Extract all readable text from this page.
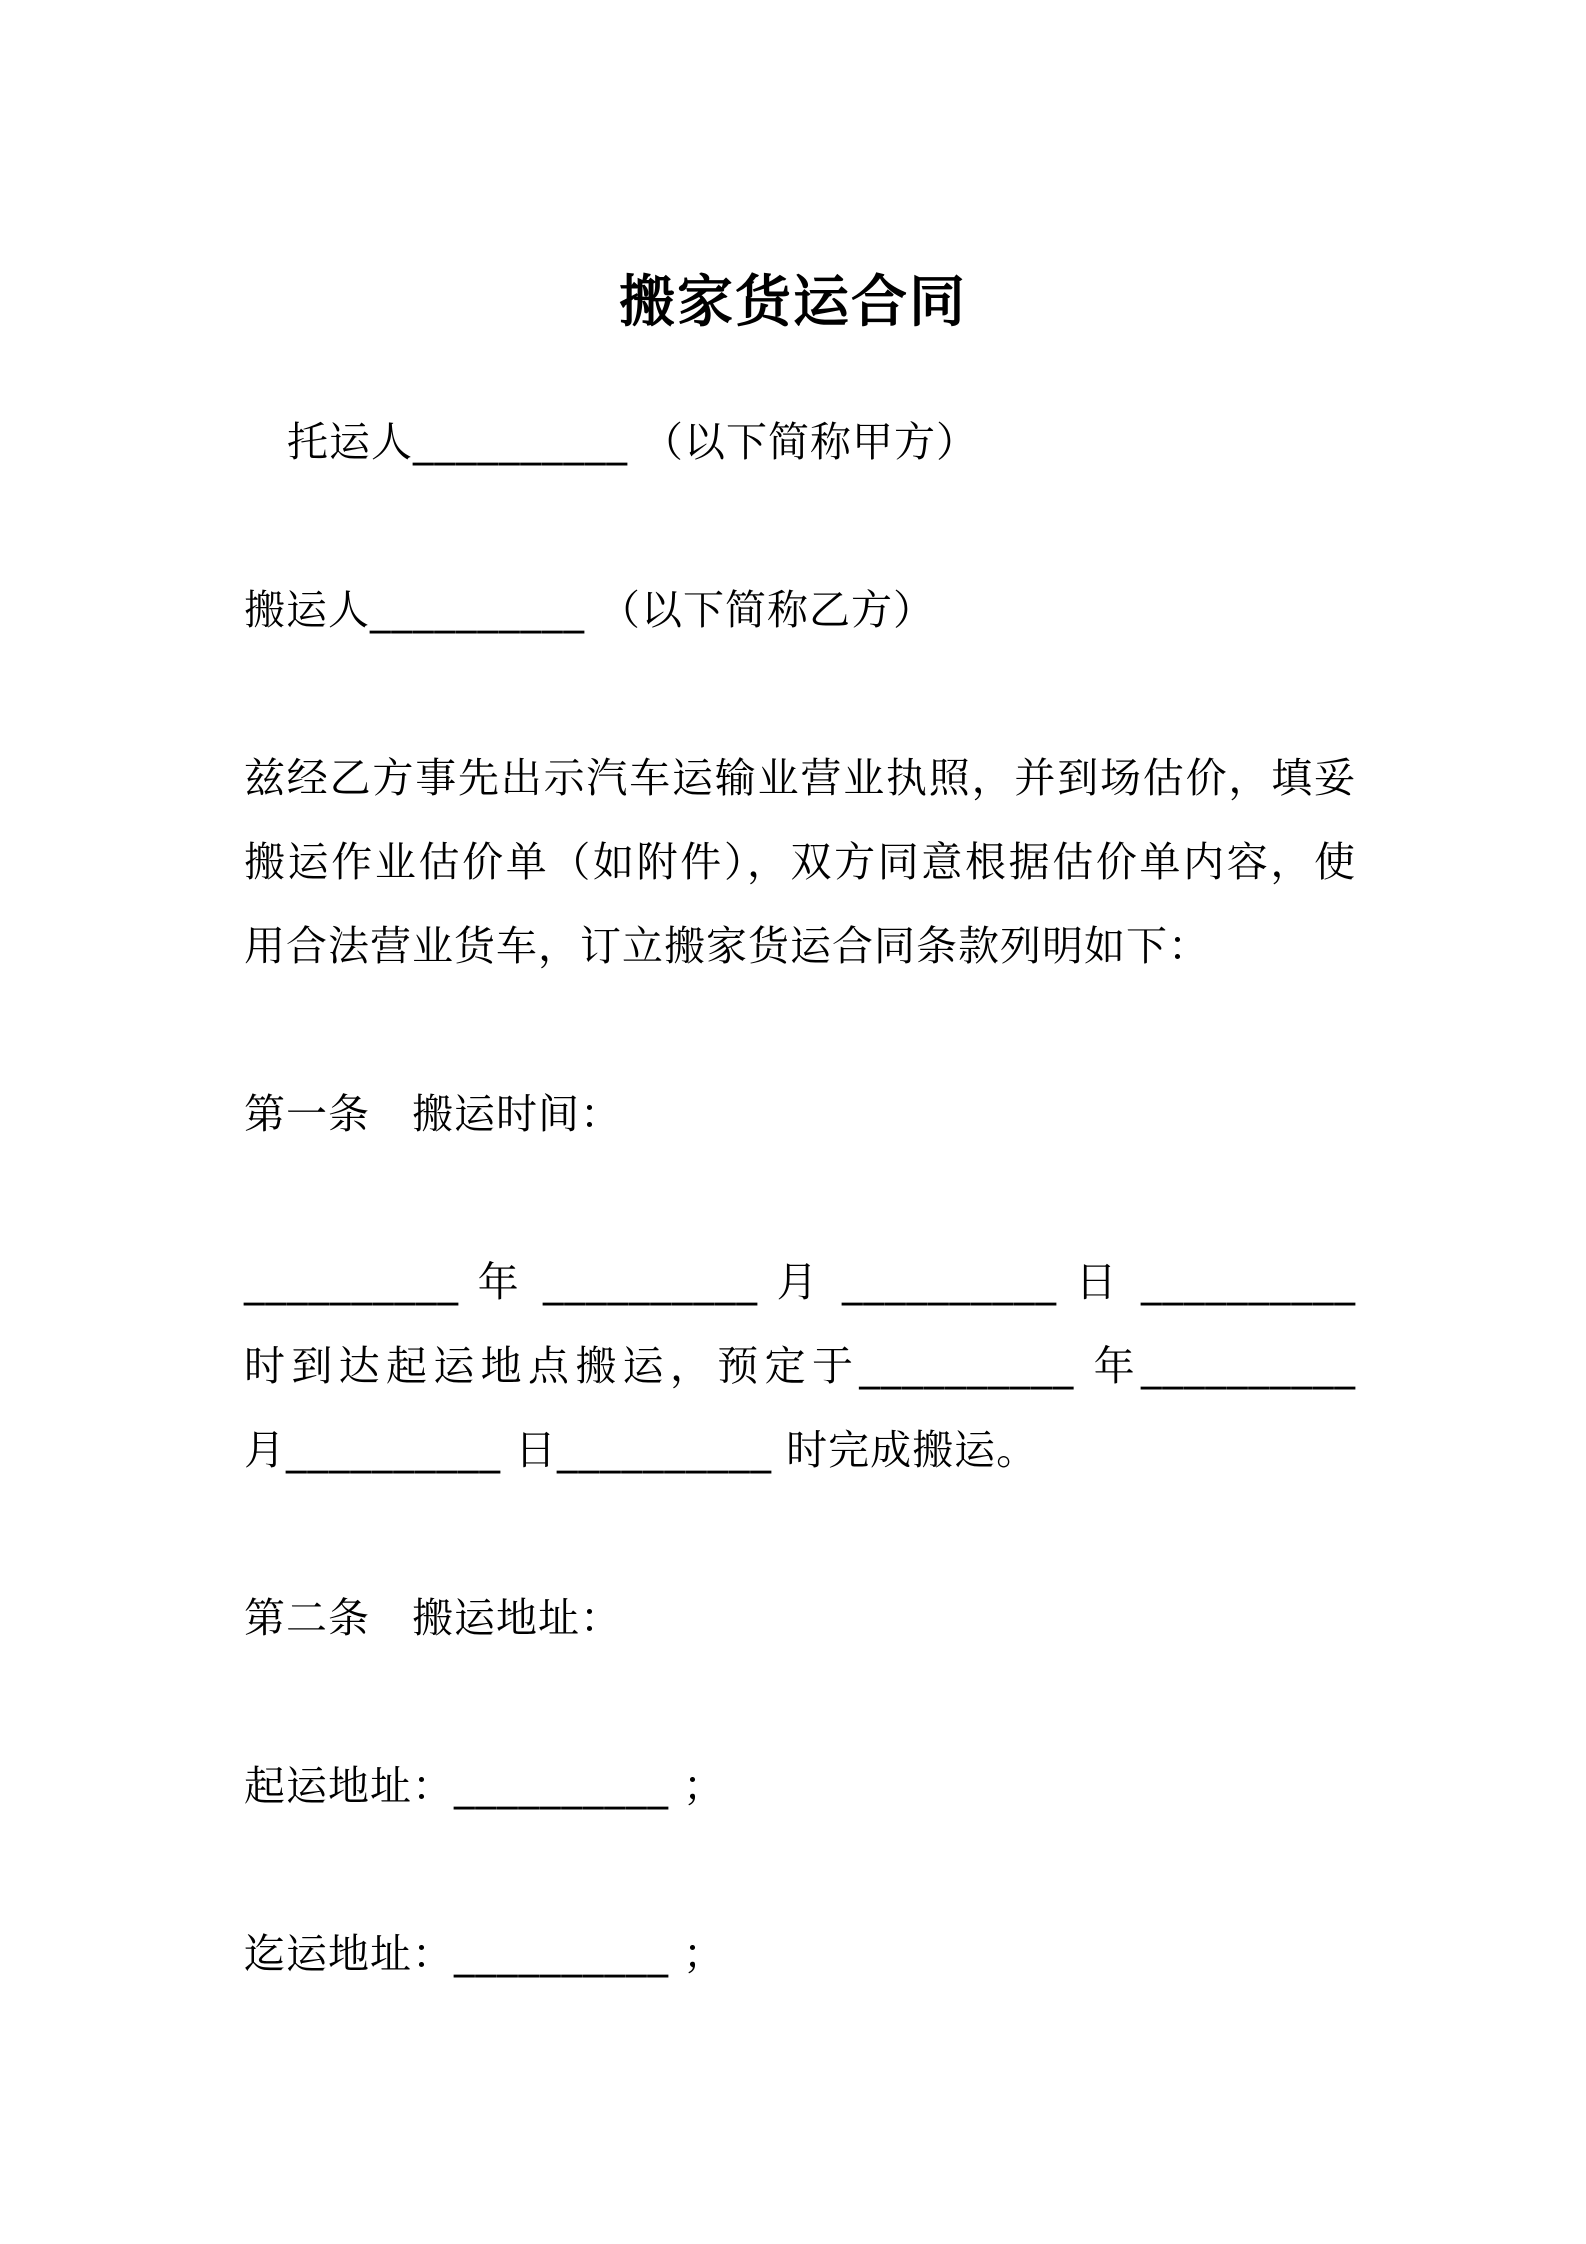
搬家货运合同

托运人__________ （以下简称甲方）

搬运人__________ （以下简称乙方）

兹经乙方事先出示汽车运输业营业执照，并到场估价，填妥

搬运作业估价单（如附件），双方同意根据估价单内容，使

用合法营业货车，订立搬家货运合同条款列明如下：

第一条　搬运时间：

__________ 年 __________ 月 __________ 日 __________

时到达起运地点搬运，预定于__________ 年__________

月__________ 日__________ 时完成搬运。

第二条　搬运地址：

起运地址：__________ ；

迄运地址：__________ ；
